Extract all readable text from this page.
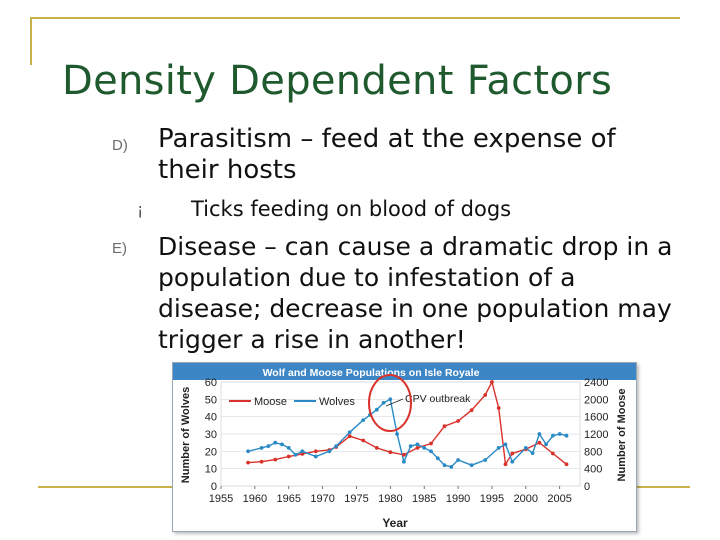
Density Dependent Factors
D) Parasitism – feed at the expense of their hosts
¡ Ticks feeding on blood of dogs
E) Disease – can cause a dramatic drop in a population due to infestation of a disease; decrease in one population may trigger a rise in another!
Wolf and Moose Populations on Isle Royale
0
10
20
30
40
50
60
0
400
800
1200
1600
2000
2400
1955 1960 1965 1970 1975 1980 1985 1990 1995 2000 2005
Moose	Wolves	CPV outbreak
Year
Number of Wolves	Number of Moose
